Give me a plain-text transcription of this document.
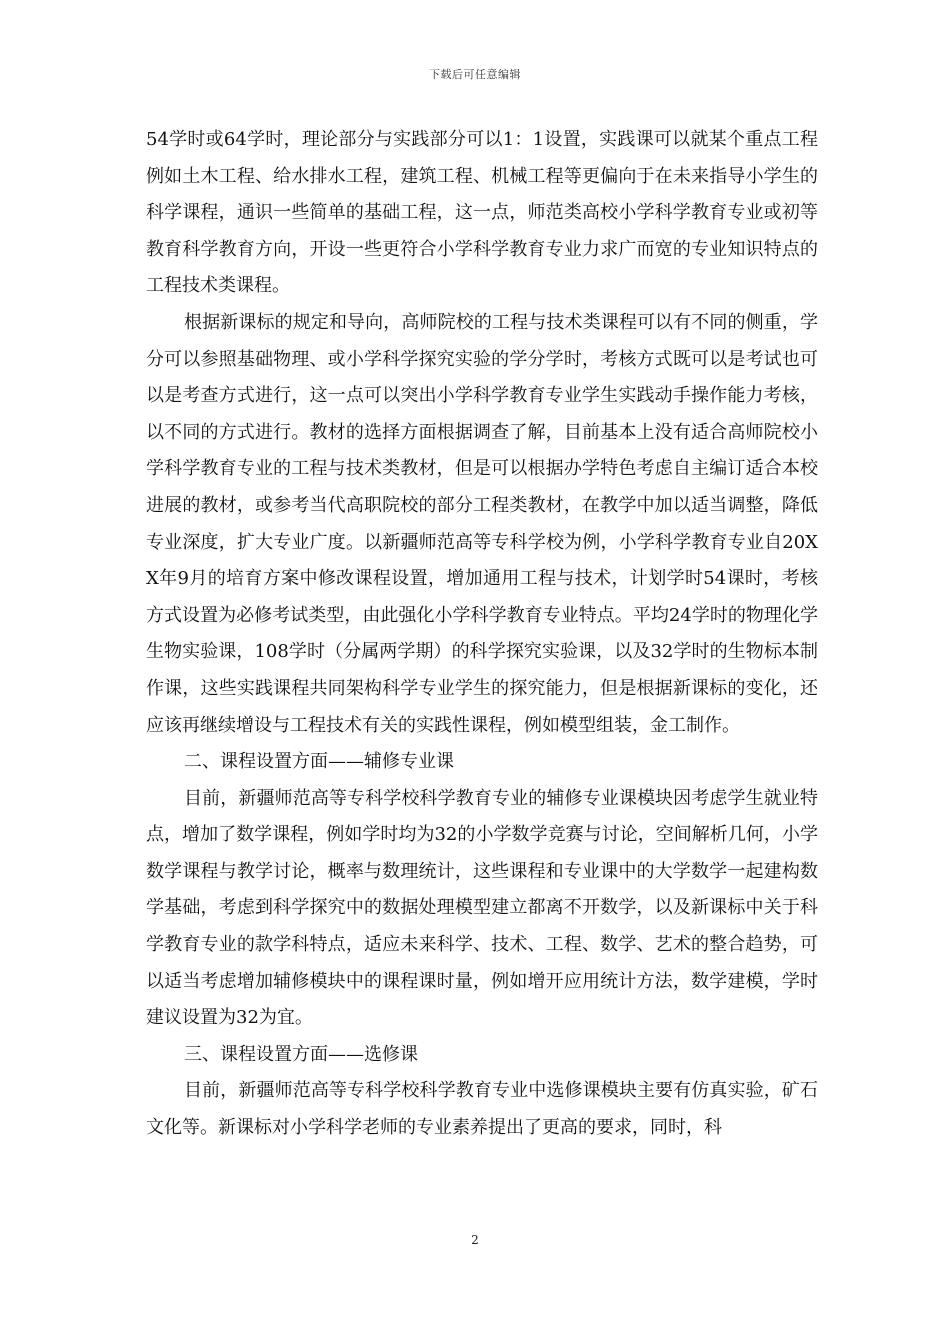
下载后可任意编辑

54学时或64学时，理论部分与实践部分可以1：1设置，实践课可以就某个重点工程例如土木工程、给水排水工程，建筑工程、机械工程等更偏向于在未来指导小学生的科学课程，通识一些简单的基础工程，这一点，师范类高校小学科学教育专业或初等教育科学教育方向，开设一些更符合小学科学教育专业力求广而宽的专业知识特点的工程技术类课程。

根据新课标的规定和导向，高师院校的工程与技术类课程可以有不同的侧重，学分可以参照基础物理、或小学科学探究实验的学分学时，考核方式既可以是考试也可以是考查方式进行，这一点可以突出小学科学教育专业学生实践动手操作能力考核，以不同的方式进行。教材的选择方面根据调查了解，目前基本上没有适合高师院校小学科学教育专业的工程与技术类教材，但是可以根据办学特色考虑自主编订适合本校进展的教材，或参考当代高职院校的部分工程类教材，在教学中加以适当调整，降低专业深度，扩大专业广度。以新疆师范高等专科学校为例，小学科学教育专业自20XX年9月的培育方案中修改课程设置，增加通用工程与技术，计划学时54课时，考核方式设置为必修考试类型，由此强化小学科学教育专业特点。平均24学时的物理化学生物实验课，108学时（分属两学期）的科学探究实验课，以及32学时的生物标本制作课，这些实践课程共同架构科学专业学生的探究能力，但是根据新课标的变化，还应该再继续增设与工程技术有关的实践性课程，例如模型组装，金工制作。

二、课程设置方面——辅修专业课

目前，新疆师范高等专科学校科学教育专业的辅修专业课模块因考虑学生就业特点，增加了数学课程，例如学时均为32的小学数学竞赛与讨论，空间解析几何，小学数学课程与教学讨论，概率与数理统计，这些课程和专业课中的大学数学一起建构数学基础，考虑到科学探究中的数据处理模型建立都离不开数学，以及新课标中关于科学教育专业的款学科特点，适应未来科学、技术、工程、数学、艺术的整合趋势，可以适当考虑增加辅修模块中的课程课时量，例如增开应用统计方法，数学建模，学时建议设置为32为宜。

三、课程设置方面——选修课

目前，新疆师范高等专科学校科学教育专业中选修课模块主要有仿真实验，矿石文化等。新课标对小学科学老师的专业素养提出了更高的要求，同时，科

2
